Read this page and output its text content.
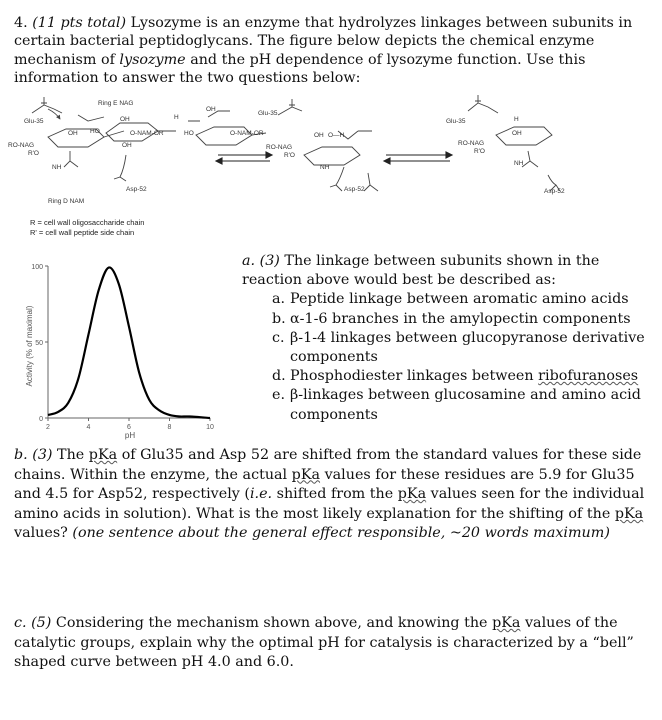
4. (11 pts total) Lysozyme is an enzyme that hydrolyzes linkages between subunits in certain bacterial peptidoglycans. The figure below depicts the chemical enzyme mechanism of lysozyme and the pH dependence of lysozyme function. Use this information to answer the two questions below:

Ring E NAG
Glu-35
RO-NAG
R'O
OH HO
OH
OH
O-NAM-OR
NH
Asp-52
Ring D NAM
H
OH
HO	O-NAM-OR
Glu-35
RO-NAG
R'O
OH O—H
NH
Asp-52
Glu-35	H
OH
RO-NAG
R'O
NH
Asp-52
R = cell wall oligosaccharide chain
R' = cell wall peptide side chain
Activity (% of maximal)
pH
2	4	6	8	10
0
50
100	a. (3) The linkage between subunits shown in the reaction above would best be described as:

a. Peptide linkage between aromatic amino acids
b. α-1-6 branches in the amylopectin components
c. β-1-4 linkages between glucopyranose derivative components
d. Phosphodiester linkages between ribofuranoses
e. β-linkages between glucosamine and amino acid components

b. (3) The pKa of Glu35 and Asp 52 are shifted from the standard values for these side chains. Within the enzyme, the actual pKa values for these residues are 5.9 for Glu35 and 4.5 for Asp52, respectively (i.e. shifted from the pKa values seen for the individual amino acids in solution). What is the most likely explanation for the shifting of the pKa values? (one sentence about the general effect responsible, ~20 words maximum)

c. (5) Considering the mechanism shown above, and knowing the pKa values of the catalytic groups, explain why the optimal pH for catalysis is characterized by a “bell” shaped curve between pH 4.0 and 6.0.
